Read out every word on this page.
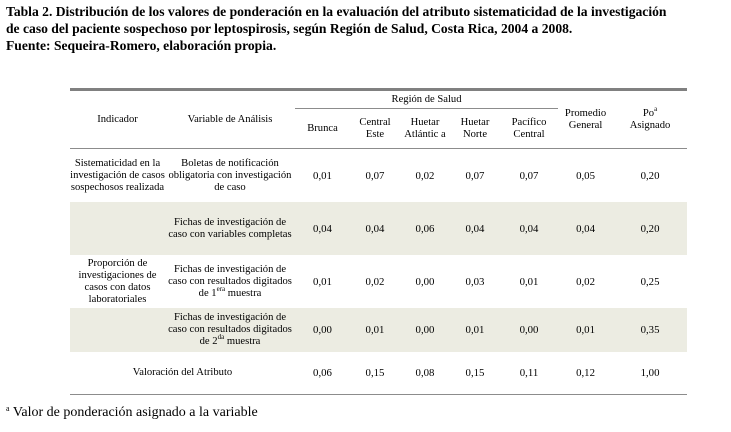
Tabla 2. Distribución de los valores de ponderación en la evaluación del atributo sistematicidad de la investigación
de caso del paciente sospechoso por leptospirosis, según Región de Salud, Costa Rica, 2004 a 2008.
Fuente: Sequeira-Romero, elaboración propia.
Indicador	Variable de Análisis	Región de Salud					Promedio General	Po$^a$
Asignado
		Brunca	Central Este	Huetar Atlántic a	Huetar Norte	Pacífico Central		
Sistematicidad en la investigación de casos sospechosos realizada	Boletas de notificación obligatoria con investigación de caso	0,01	0,07	0,02	0,07	0,07	0,05	0,20
	Fichas de investigación de caso con variables completas	0,04	0,04	0,06	0,04	0,04	0,04	0,20
Proporción de investigaciones de casos con datos laboratoriales	Fichas de investigación de caso con resultados digitados de $1^{era}$ muestra	0,01	0,02	0,00	0,03	0,01	0,02	0,25
	Fichas de investigación de caso con resultados digitados de $2^{da}$ muestra	0,00	0,01	0,00	0,01	0,00	0,01	0,35
Valoración del Atributo		0,06	0,15	0,08	0,15	0,11	0,12	1,00
$^a$ Valor de ponderación asignado a la variable
